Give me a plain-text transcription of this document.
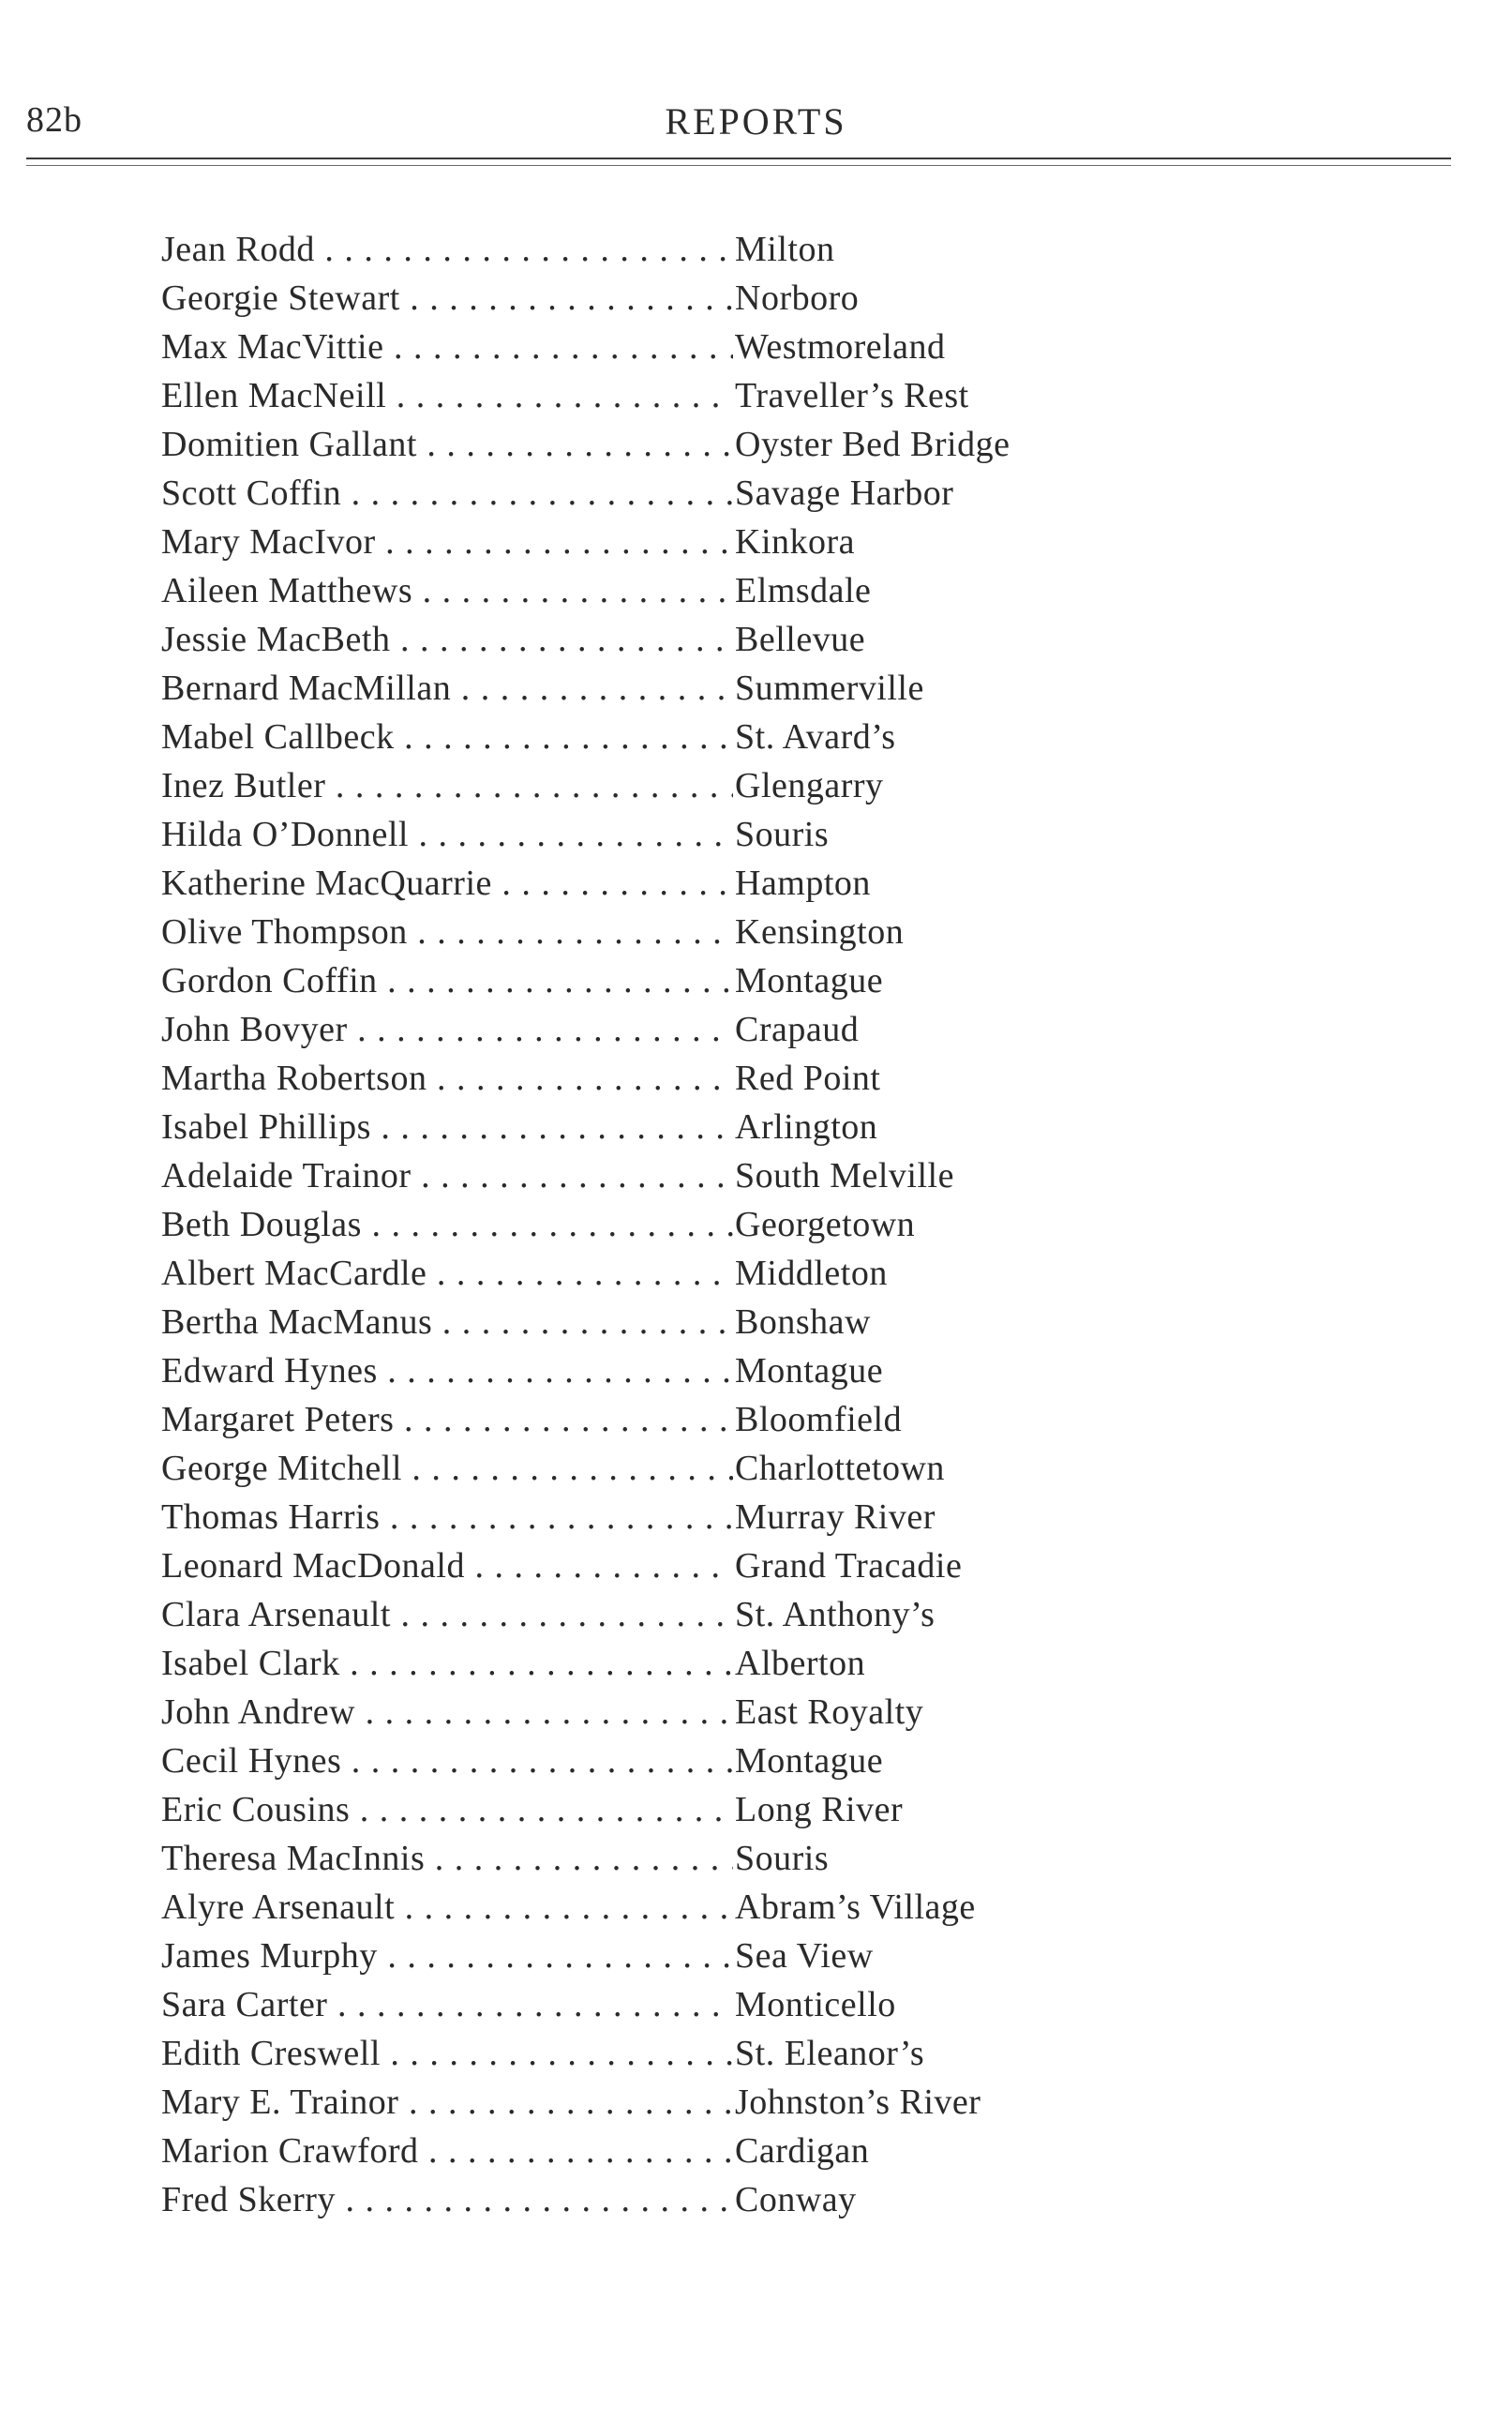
82b	REPORTS
Jean Rodd . . .	Milton
Georgie Stewart . . .	Norboro
Max MacVittie . . .	Westmoreland
Ellen MacNeill . . .	Traveller’s Rest
Domitien Gallant . . .	Oyster Bed Bridge
Scott Coffin . . .	Savage Harbor
Mary MacIvor . . .	Kinkora
Aileen Matthews . . .	Elmsdale
Jessie MacBeth . . .	Bellevue
Bernard MacMillan . . .	Summerville
Mabel Callbeck . . .	St. Avard’s
Inez Butler . . .	Glengarry
Hilda O’Donnell . . .	Souris
Katherine MacQuarrie . . .	Hampton
Olive Thompson . . .	Kensington
Gordon Coffin . . .	Montague
John Bovyer . . .	Crapaud
Martha Robertson . . .	Red Point
Isabel Phillips . . .	Arlington
Adelaide Trainor . . .	South Melville
Beth Douglas . . .	Georgetown
Albert MacCardle . . .	Middleton
Bertha MacManus . . .	Bonshaw
Edward Hynes . . .	Montague
Margaret Peters . . .	Bloomfield
George Mitchell . . .	Charlottetown
Thomas Harris . . .	Murray River
Leonard MacDonald . . .	Grand Tracadie
Clara Arsenault . . .	St. Anthony’s
Isabel Clark . . .	Alberton
John Andrew . . .	East Royalty
Cecil Hynes . . .	Montague
Eric Cousins . . .	Long River
Theresa MacInnis . . .	Souris
Alyre Arsenault . . .	Abram’s Village
James Murphy . . .	Sea View
Sara Carter . . .	Monticello
Edith Creswell . . .	St. Eleanor’s
Mary E. Trainor . . .	Johnston’s River
Marion Crawford . . .	Cardigan
Fred Skerry . . .	Conway
